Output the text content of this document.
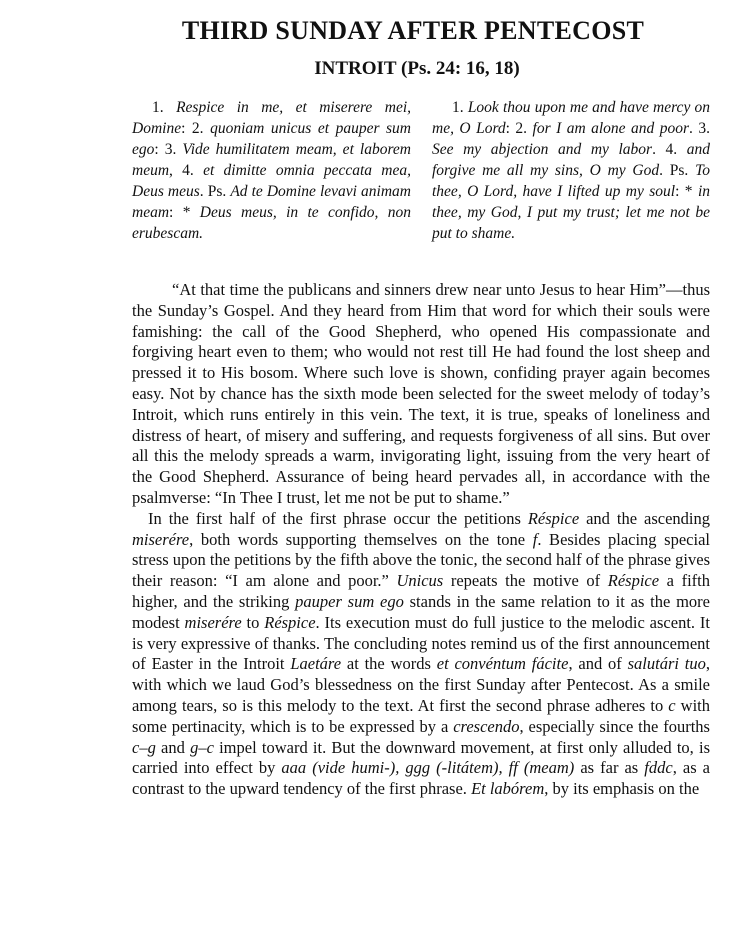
THIRD SUNDAY AFTER PENTECOST
INTROIT (Ps. 24: 16, 18)
1. Respice in me, et miserere mei, Domine: 2. quoniam unicus et pauper sum ego: 3. Vide humilitatem meam, et laborem meum, 4. et dimitte omnia peccata mea, Deus meus. Ps. Ad te Domine levavi animam meam: * Deus meus, in te confido, non erubescam.
1. Look thou upon me and have mercy on me, O Lord: 2. for I am alone and poor. 3. See my abjection and my labor. 4. and forgive me all my sins, O my God. Ps. To thee, O Lord, have I lifted up my soul: * in thee, my God, I put my trust; let me not be put to shame.

“At that time the publicans and sinners drew near unto Jesus to hear Him”—thus the Sunday’s Gospel. And they heard from Him that word for which their souls were famishing: the call of the Good Shepherd, who opened His compassionate and forgiving heart even to them; who would not rest till He had found the lost sheep and pressed it to His bosom. Where such love is shown, confiding prayer again becomes easy. Not by chance has the sixth mode been selected for the sweet melody of today’s Introit, which runs entirely in this vein. The text, it is true, speaks of loneliness and distress of heart, of misery and suffering, and requests forgiveness of all sins. But over all this the melody spreads a warm, invigorating light, issuing from the very heart of the Good Shepherd. Assurance of being heard pervades all, in accordance with the psalmverse: “In Thee I trust, let me not be put to shame.”

In the first half of the first phrase occur the petitions Réspice and the ascending miserére, both words supporting themselves on the tone f. Besides placing special stress upon the petitions by the fifth above the tonic, the second half of the phrase gives their reason: “I am alone and poor.” Unicus repeats the motive of Réspice a fifth higher, and the striking pauper sum ego stands in the same relation to it as the more modest miserére to Réspice. Its execution must do full justice to the melodic ascent. It is very expressive of thanks. The concluding notes remind us of the first announcement of Easter in the Introit Laetáre at the words et convéntum fácite, and of salutári tuo, with which we laud God’s blessedness on the first Sunday after Pentecost. As a smile among tears, so is this melody to the text. At first the second phrase adheres to c with some pertinacity, which is to be expressed by a crescendo, especially since the fourths c–g and g–c impel toward it. But the downward movement, at first only alluded to, is carried into effect by aaa (vide humi-), ggg (-litátem), ff (meam) as far as fddc, as a contrast to the upward tendency of the first phrase. Et labórem, by its emphasis on the
